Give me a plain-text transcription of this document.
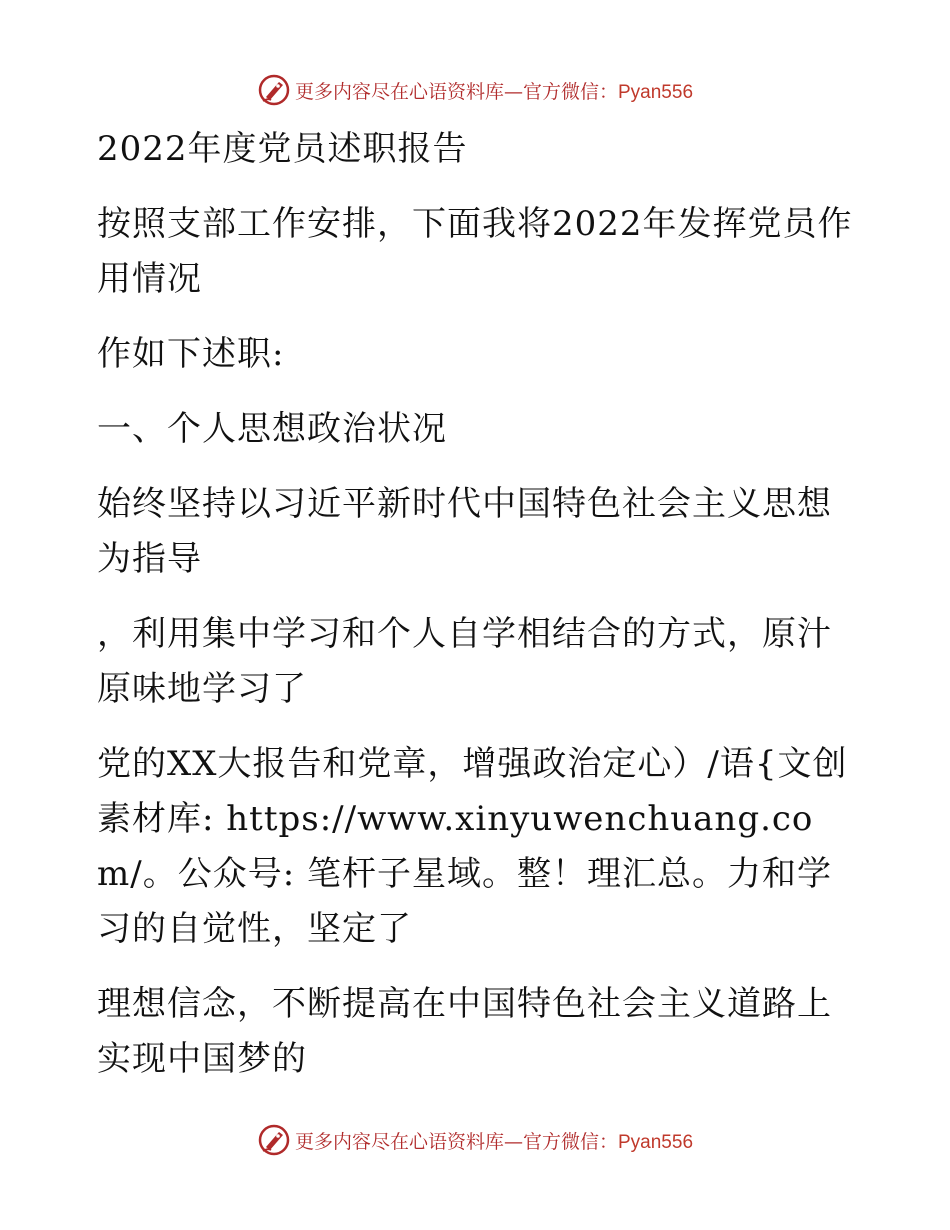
更多内容尽在心语资料库—官方微信：Pyan556

2022年度党员述职报告

按照支部工作安排，下面我将2022年发挥党员作用情况

作如下述职:

一、个人思想政治状况

始终坚持以习近平新时代中国特色社会主义思想为指导

，利用集中学习和个人自学相结合的方式，原汁原味地学习了

党的XX大报告和党章，增强政治定心）/语{文创素材库: https://www.xinyuwenchuang.com/。公众号: 笔杆子星域。整！理汇总。力和学习的自觉性，坚定了

理想信念，不断提高在中国特色社会主义道路上实现中国梦的

更多内容尽在心语资料库—官方微信：Pyan556
